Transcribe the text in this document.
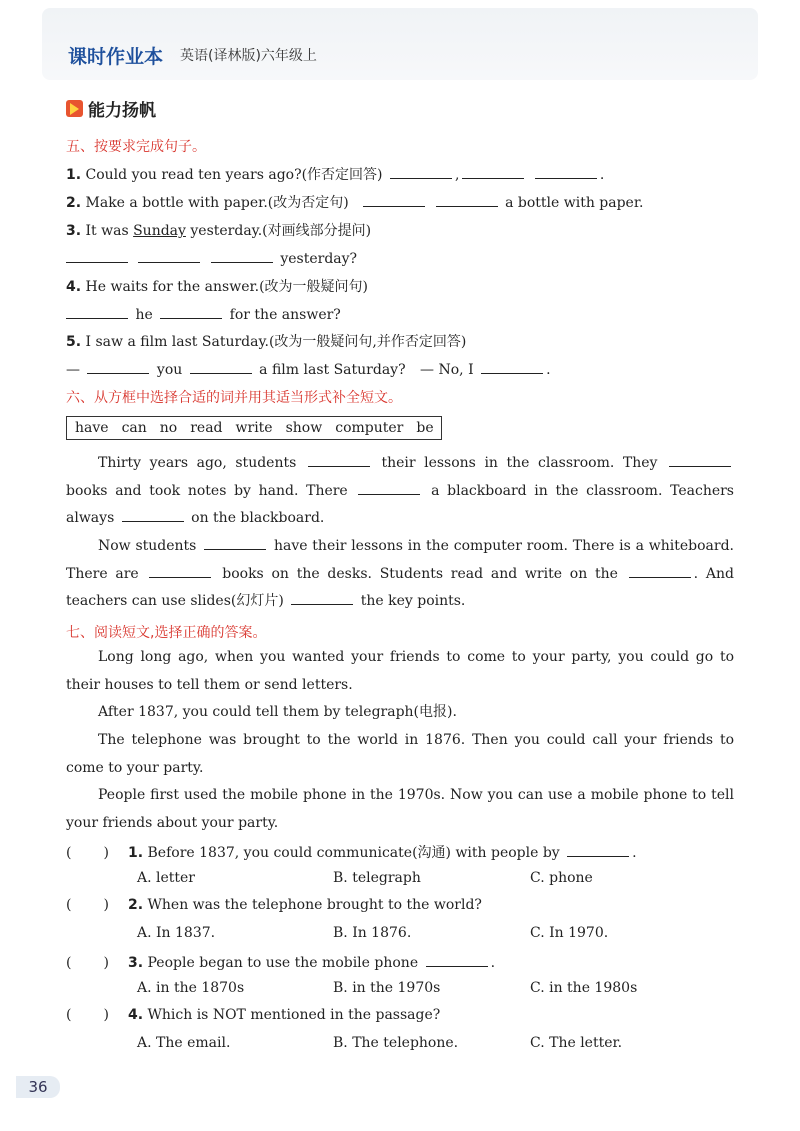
课时作业本 英语(译林版)六年级上
能力扬帆
五、按要求完成句子。
1. Could you read ten years ago?(作否定回答)	,	.
2. Make a bottle with paper.(改为否定句)	a bottle with paper.
3. It was Sunday yesterday.(对画线部分提问)
yesterday?
4. He waits for the answer.(改为一般疑问句)
he	for the answer?
5. I saw a film last Saturday.(改为一般疑问句,并作否定回答)
—	you	a film last Saturday? — No, I	.
六、从方框中选择合适的词并用其适当形式补全短文。
have can no read write show computer be
Thirty years ago, students	their lessons in the classroom. They  books and took notes by hand. There	a blackboard in the classroom. Teachers always	on the blackboard.
Now students	have their lessons in the computer room. There is a whiteboard. There are	books on the desks. Students read and write on the	. And teachers can use slides(幻灯片)	the key points.
七、阅读短文,选择正确的答案。
Long long ago, when you wanted your friends to come to your party, you could go to their houses to tell them or send letters.
After 1837, you could tell them by telegraph(电报).
The telephone was brought to the world in 1876. Then you could call your friends to come to your party.
People first used the mobile phone in the 1970s. Now you can use a mobile phone to tell your friends about your party.
( ) 1. Before 1837, you could communicate(沟通) with people by	.
A. letter	B. telegraph	C. phone
( ) 2. When was the telephone brought to the world?
A. In 1837.	B. In 1876.	C. In 1970.
( ) 3. People began to use the mobile phone	.
A. in the 1870s	B. in the 1970s	C. in the 1980s
( ) 4. Which is NOT mentioned in the passage?
A. The email.	B. The telephone.	C. The letter.
36
